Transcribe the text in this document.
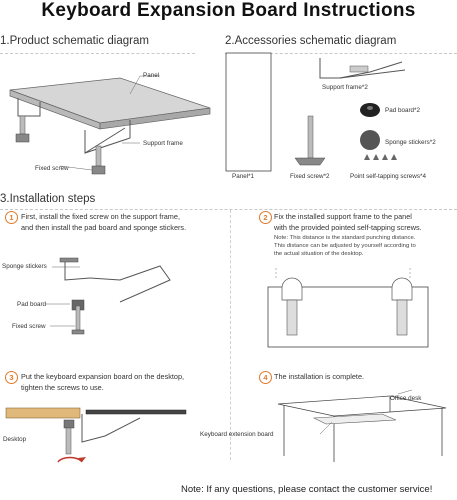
Keyboard Expansion Board Instructions
1.Product schematic diagram
Panel
Support frame
Fixed screw
2.Accessories schematic diagram
Panel*1	Fixed screw*2
Support frame*2
Pad board*2
Sponge stickers*2
Point self-tapping screws*4
3.Installation steps
1	First, install the fixed screw on the support frame,
and then install the pad board and sponge stickers.
Sponge stickers
Pad board
Fixed screw
2 Fix the installed support frame to the panel
with the provided pointed self-tapping screws.
Note: This distance is the standard punching distance.
This distance can be adjusted by yourself according to
the actual situation of the desktop.
3	Put the keyboard expansion board on the desktop,
tighten the screws to use.
Desktop
4 The installation is complete.
Office desk
Keyboard extension board
Note: If any questions, please contact the customer service!
